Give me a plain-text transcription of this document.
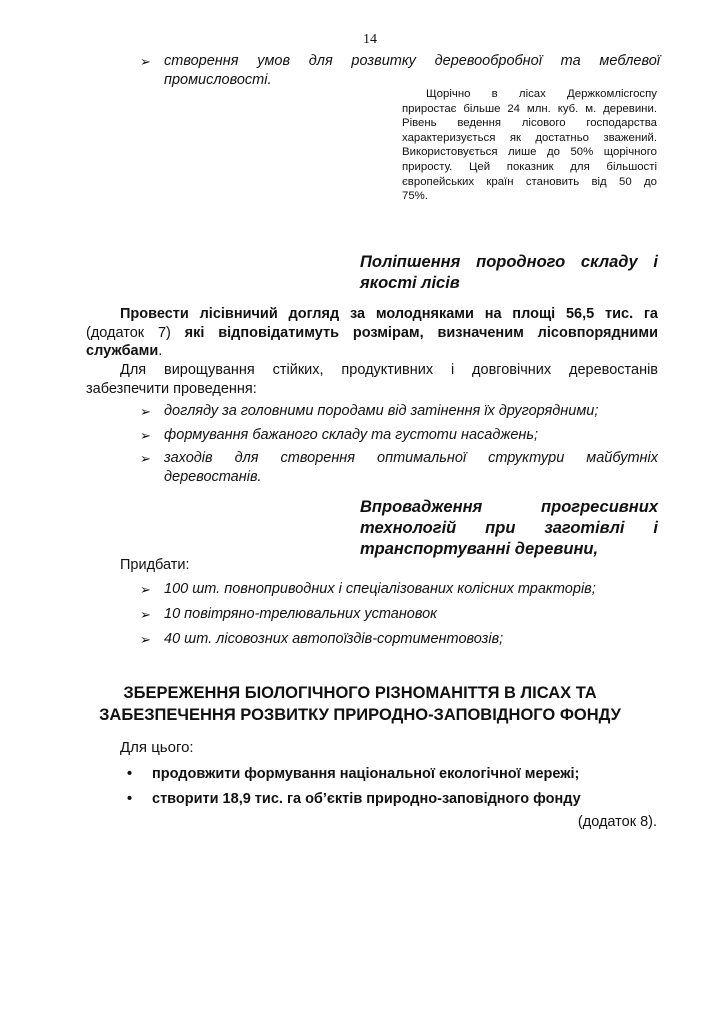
14
➢ створення умов для розвитку деревообробної та меблевої
промисловості.
Щорічно в лісах Держкомлісгоспу
приростає більше 24 млн. куб. м. деревини.
Рівень ведення лісового господарства
характеризується як достатньо зважений.
Використовується лише до 50% щорічного
приросту. Цей показник для більшості
європейських країн становить від 50 до
75%.
Поліпшення породного складу і
якості лісів
Провести лісівничий догляд за молодняками на площі 56,5 тис. га
(додаток 7) які відповідатимуть розмірам, визначеним лісовпорядними
службами.
Для вирощування стійких, продуктивних і довговічних деревостанів
забезпечити проведення:
➢ догляду за головними породами від затінення їх другорядними;
➢ формування бажаного складу та густоти насаджень;
➢ заходів для створення оптимальної структури майбутніх
деревостанів.
Впровадження прогресивних
технологій при заготівлі і
транспортуванні деревини,
Придбати:
➢ 100 шт. повноприводних і спеціалізованих колісних тракторів;
➢ 10 повітряно-трелювальних установок
➢ 40 шт. лісовозних автопоїздів-сортиментовозів;
ЗБЕРЕЖЕННЯ БІОЛОГІЧНОГО РІЗНОМАНІТТЯ В ЛІСАХ ТА
ЗАБЕЗПЕЧЕННЯ РОЗВИТКУ ПРИРОДНО-ЗАПОВІДНОГО ФОНДУ
Для цього:
• продовжити формування національної екологічної мережі;
• створити 18,9 тис. га об’єктів природно-заповідного фонду
(додаток 8).
